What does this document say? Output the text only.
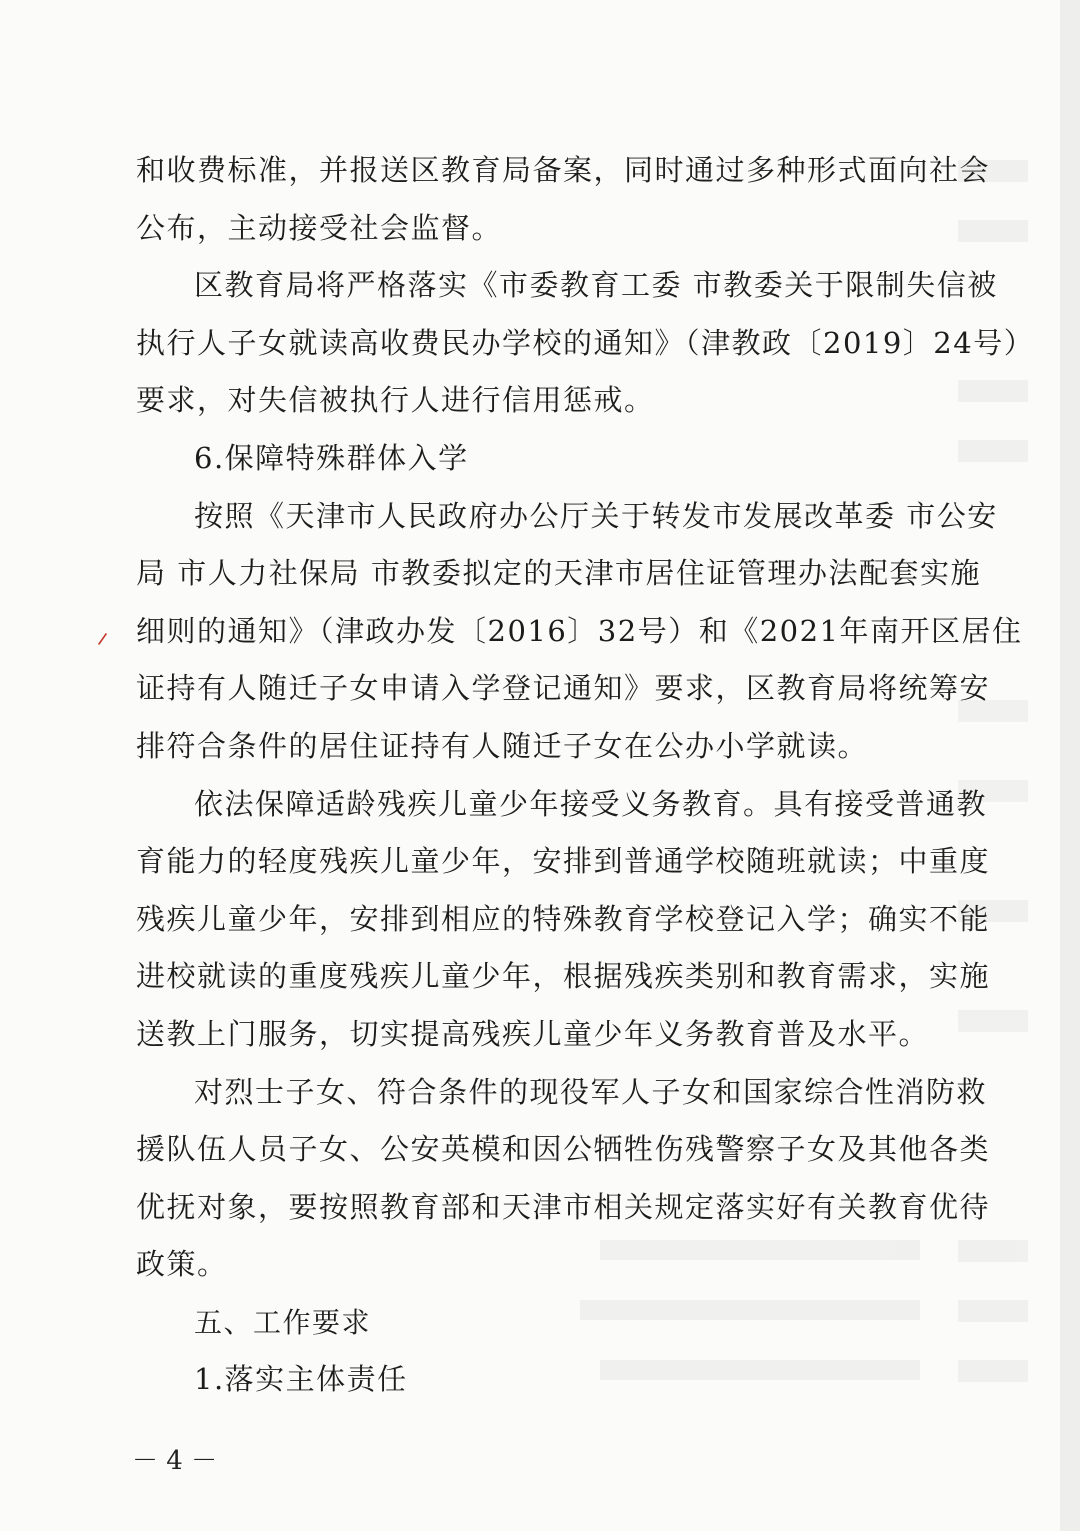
和收费标准，并报送区教育局备案，同时通过多种形式面向社会
公布，主动接受社会监督。
区教育局将严格落实《市委教育工委 市教委关于限制失信被
执行人子女就读高收费民办学校的通知》（津教政〔2019〕24号）
要求，对失信被执行人进行信用惩戒。
6.保障特殊群体入学
按照《天津市人民政府办公厅关于转发市发展改革委 市公安
局 市人力社保局 市教委拟定的天津市居住证管理办法配套实施
细则的通知》（津政办发〔2016〕32号）和《2021年南开区居住
证持有人随迁子女申请入学登记通知》要求，区教育局将统筹安
排符合条件的居住证持有人随迁子女在公办小学就读。
依法保障适龄残疾儿童少年接受义务教育。具有接受普通教
育能力的轻度残疾儿童少年，安排到普通学校随班就读；中重度
残疾儿童少年，安排到相应的特殊教育学校登记入学；确实不能
进校就读的重度残疾儿童少年，根据残疾类别和教育需求，实施
送教上门服务，切实提高残疾儿童少年义务教育普及水平。
对烈士子女、符合条件的现役军人子女和国家综合性消防救
援队伍人员子女、公安英模和因公牺牲伤残警察子女及其他各类
优抚对象，要按照教育部和天津市相关规定落实好有关教育优待
政策。
五、工作要求
1.落实主体责任
－ 4 －
